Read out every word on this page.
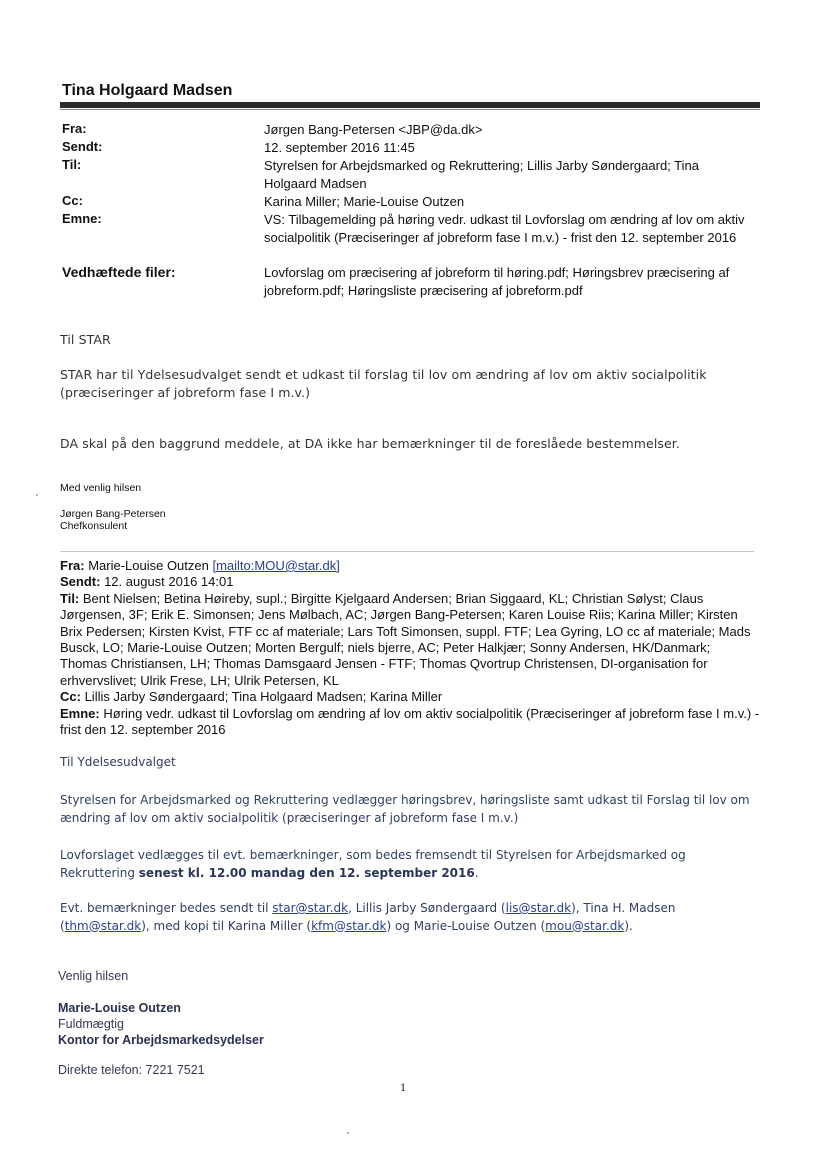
Tina Holgaard Madsen
Fra:	Jørgen Bang-Petersen <JBP@da.dk>
Sendt:	12. september 2016 11:45
Til:	Styrelsen for Arbejdsmarked og Rekruttering; Lillis Jarby Søndergaard; Tina Holgaard Madsen
Cc:	Karina Miller; Marie-Louise Outzen
Emne:	VS: Tilbagemelding på høring vedr. udkast til Lovforslag om ændring af lov om aktiv socialpolitik (Præciseringer af jobreform fase I m.v.) - frist den 12. september 2016
Vedhæftede filer:	Lovforslag om præcisering af jobreform til høring.pdf; Høringsbrev præcisering af jobreform.pdf; Høringsliste præcisering af jobreform.pdf
Til STAR
STAR har til Ydelsesudvalget sendt et udkast til forslag til lov om ændring af lov om aktiv socialpolitik (præciseringer af jobreform fase I m.v.)
DA skal på den baggrund meddele, at DA ikke har bemærkninger til de foreslåede bestemmelser.
Med venlig hilsen
Jørgen Bang-Petersen
Chefkonsulent
Fra: Marie-Louise Outzen [mailto:MOU@star.dk]
Sendt: 12. august 2016 14:01
Til: Bent Nielsen; Betina Høireby, supl.; Birgitte Kjelgaard Andersen; Brian Siggaard, KL; Christian Sølyst; Claus Jørgensen, 3F; Erik E. Simonsen; Jens Mølbach, AC; Jørgen Bang-Petersen; Karen Louise Riis; Karina Miller; Kirsten Brix Pedersen; Kirsten Kvist, FTF cc af materiale; Lars Toft Simonsen, suppl. FTF; Lea Gyring, LO cc af materiale; Mads Busck, LO; Marie-Louise Outzen; Morten Bergulf; niels bjerre, AC; Peter Halkjær; Sonny Andersen, HK/Danmark; Thomas Christiansen, LH; Thomas Damsgaard Jensen - FTF; Thomas Qvortrup Christensen, DI-organisation for erhvervslivet; Ulrik Frese, LH; Ulrik Petersen, KL
Cc: Lillis Jarby Søndergaard; Tina Holgaard Madsen; Karina Miller
Emne: Høring vedr. udkast til Lovforslag om ændring af lov om aktiv socialpolitik (Præciseringer af jobreform fase I m.v.) - frist den 12. september 2016
Til Ydelsesudvalget
Styrelsen for Arbejdsmarked og Rekruttering vedlægger høringsbrev, høringsliste samt udkast til Forslag til lov om ændring af lov om aktiv socialpolitik (præciseringer af jobreform fase I m.v.)
Lovforslaget vedlægges til evt. bemærkninger, som bedes fremsendt til Styrelsen for Arbejdsmarked og Rekruttering senest kl. 12.00 mandag den 12. september 2016.
Evt. bemærkninger bedes sendt til star@star.dk, Lillis Jarby Søndergaard (lis@star.dk), Tina H. Madsen
(thm@star.dk), med kopi til Karina Miller (kfm@star.dk) og Marie-Louise Outzen (mou@star.dk).
Venlig hilsen
Marie-Louise Outzen
Fuldmægtig
Kontor for Arbejdsmarkedsydelser
Direkte telefon: 7221 7521
1
